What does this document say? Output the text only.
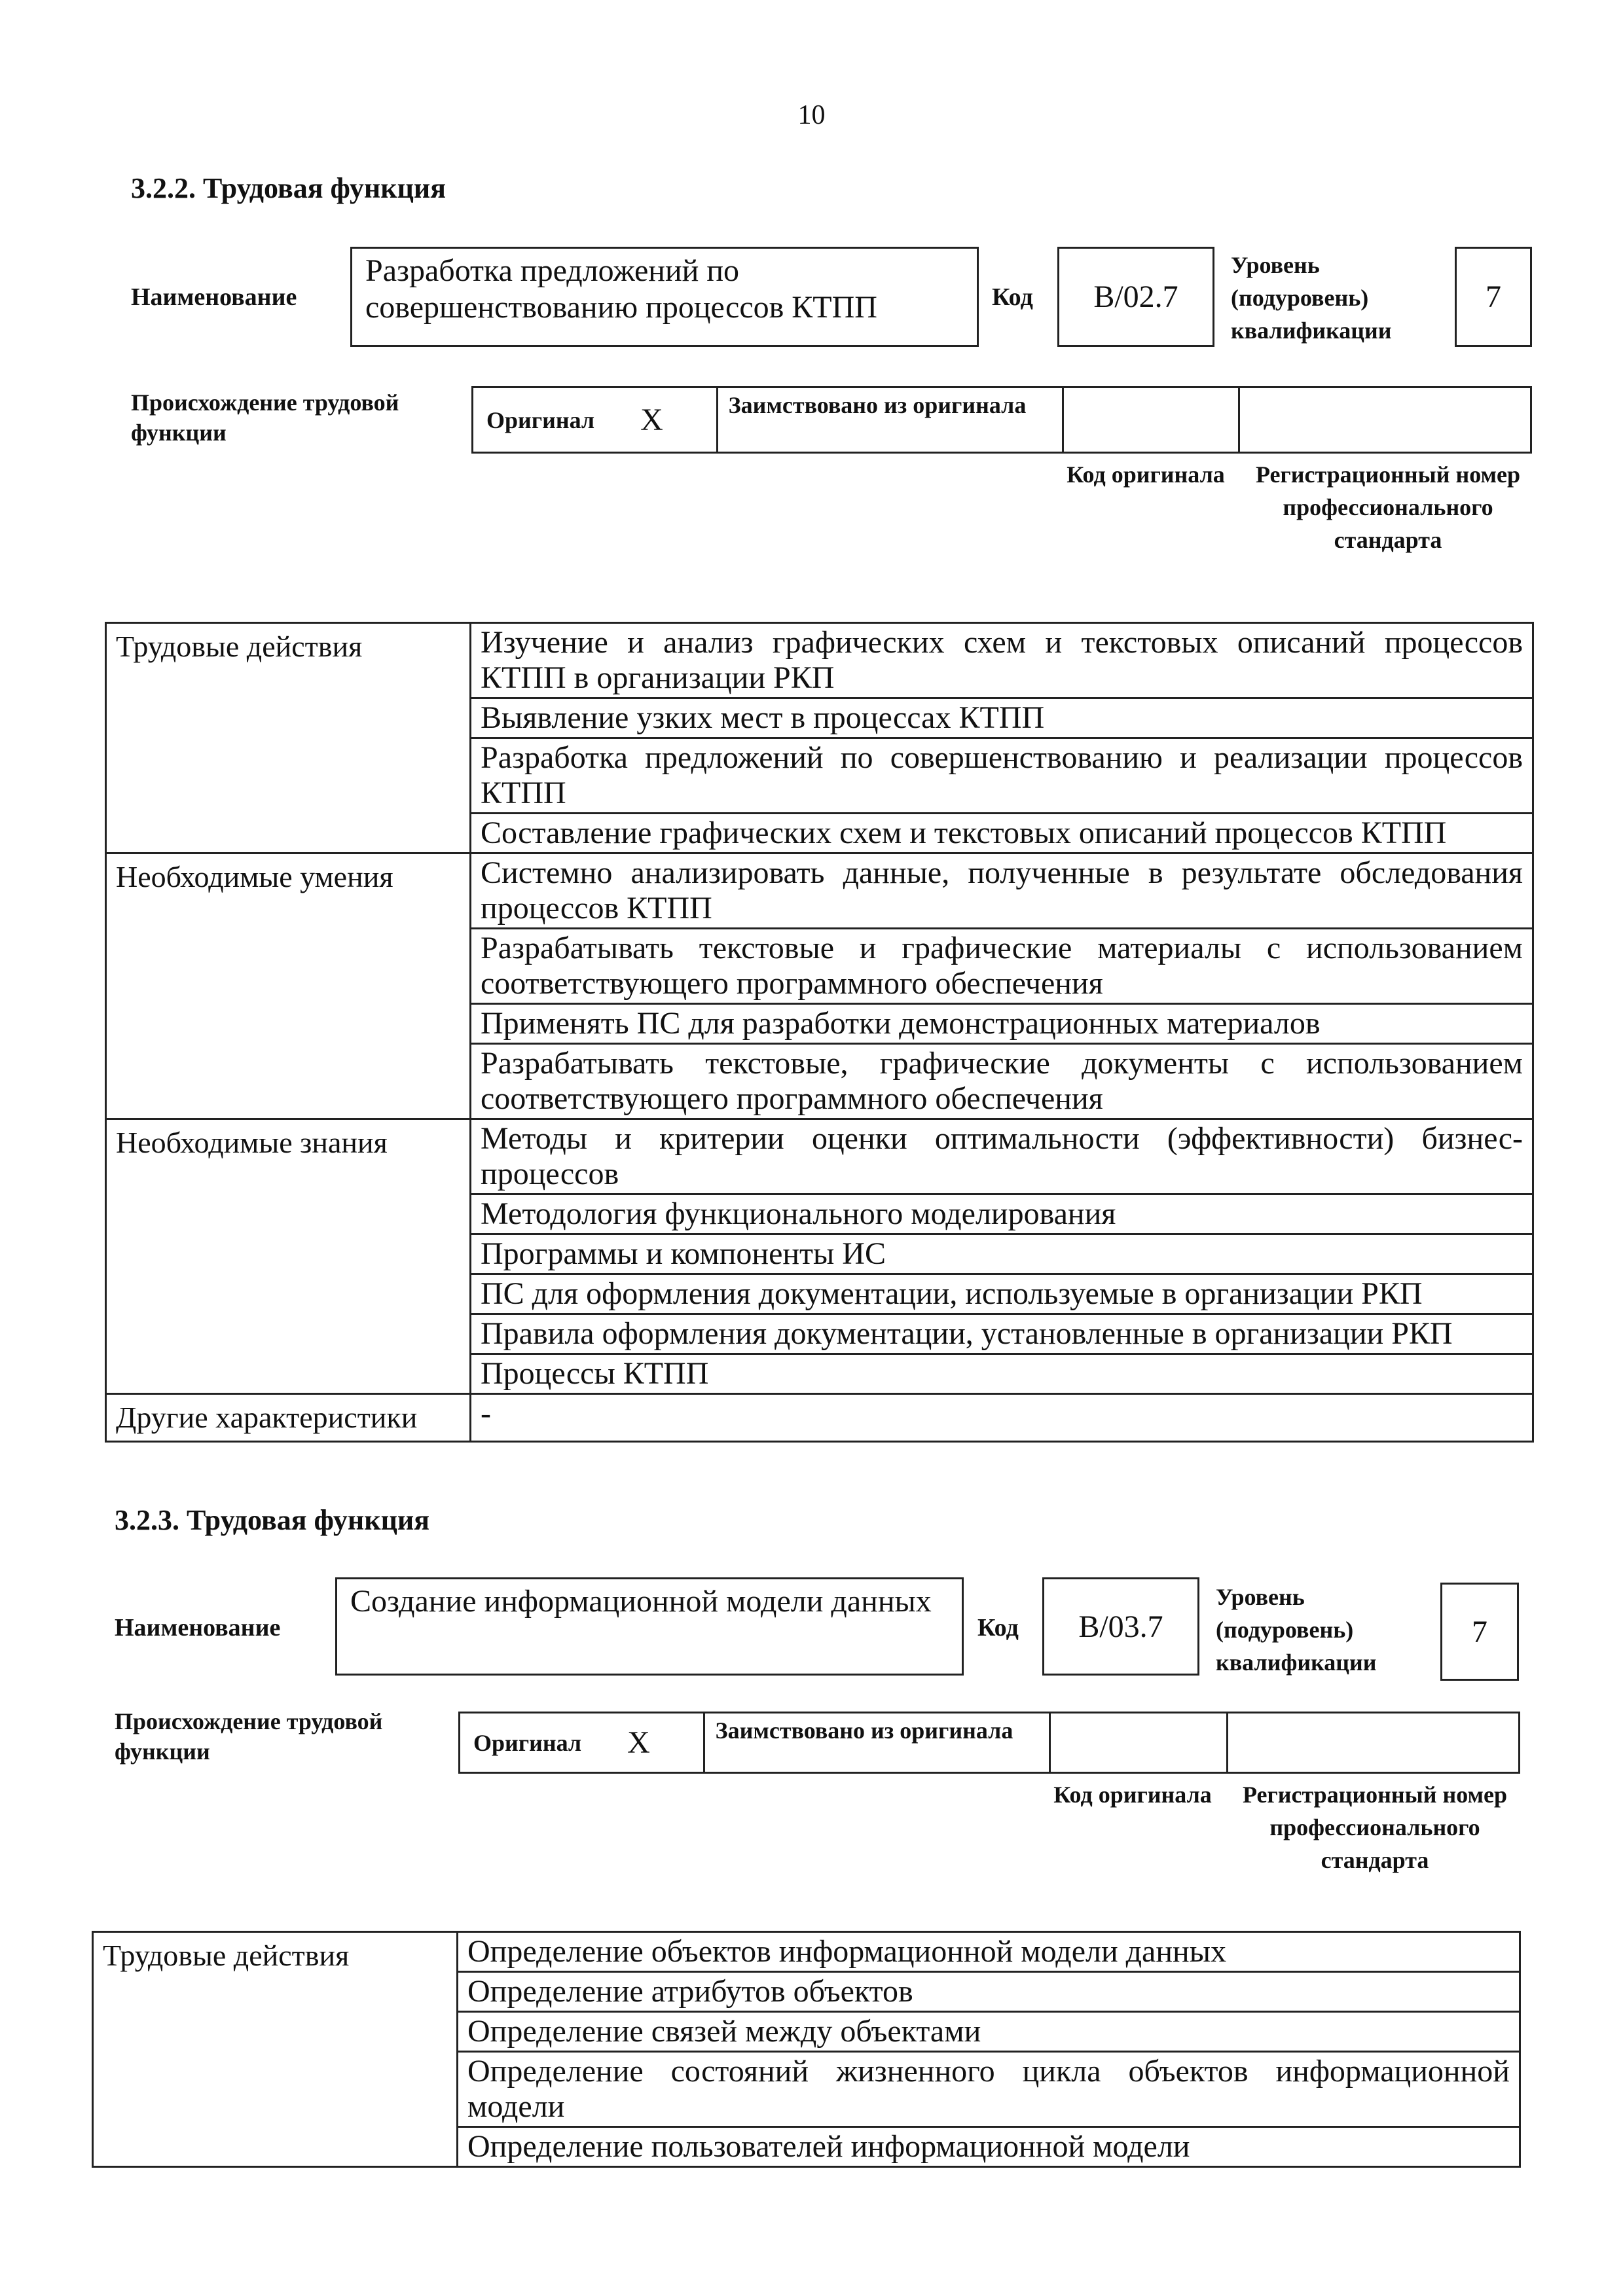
10
3.2.2. Трудовая функция
Наименование
Разработка предложений по совершенствованию процессов КТПП	Код	B/02.7
Уровень (подуровень) квалификации
7
Происхождение трудовой функции	Оригинал X	Заимствовано из оригинала
Код оригинала	Регистрационный номер профессионального стандарта
Трудовые действия	Изучение и анализ графических схем и текстовых описаний процессов КТПП в организации РКП
	Выявление узких мест в процессах КТПП
	Разработка предложений по совершенствованию и реализации процессов КТПП
	Составление графических схем и текстовых описаний процессов КТПП
Необходимые умения	Системно анализировать данные, полученные в результате обследования процессов КТПП
	Разрабатывать текстовые и графические материалы с использованием соответствующего программного обеспечения
	Применять ПС для разработки демонстрационных материалов
	Разрабатывать текстовые, графические документы с использованием соответствующего программного обеспечения
Необходимые знания	Методы и критерии оценки оптимальности (эффективности) бизнес-процессов
	Методология функционального моделирования
	Программы и компоненты ИС
	ПС для оформления документации, используемые в организации РКП
	Правила оформления документации, установленные в организации РКП
	Процессы КТПП
Другие характеристики	-
3.2.3. Трудовая функция
Наименование
Создание информационной модели данных
Код	B/03.7
Уровень (подуровень) квалификации
7
Происхождение трудовой функции	Оригинал X	Заимствовано из оригинала
Код оригинала	Регистрационный номер профессионального стандарта
Трудовые действия	Определение объектов информационной модели данных
Определение атрибутов объектов
Определение связей между объектами
Определение состояний жизненного цикла объектов информационной модели
Определение пользователей информационной модели
